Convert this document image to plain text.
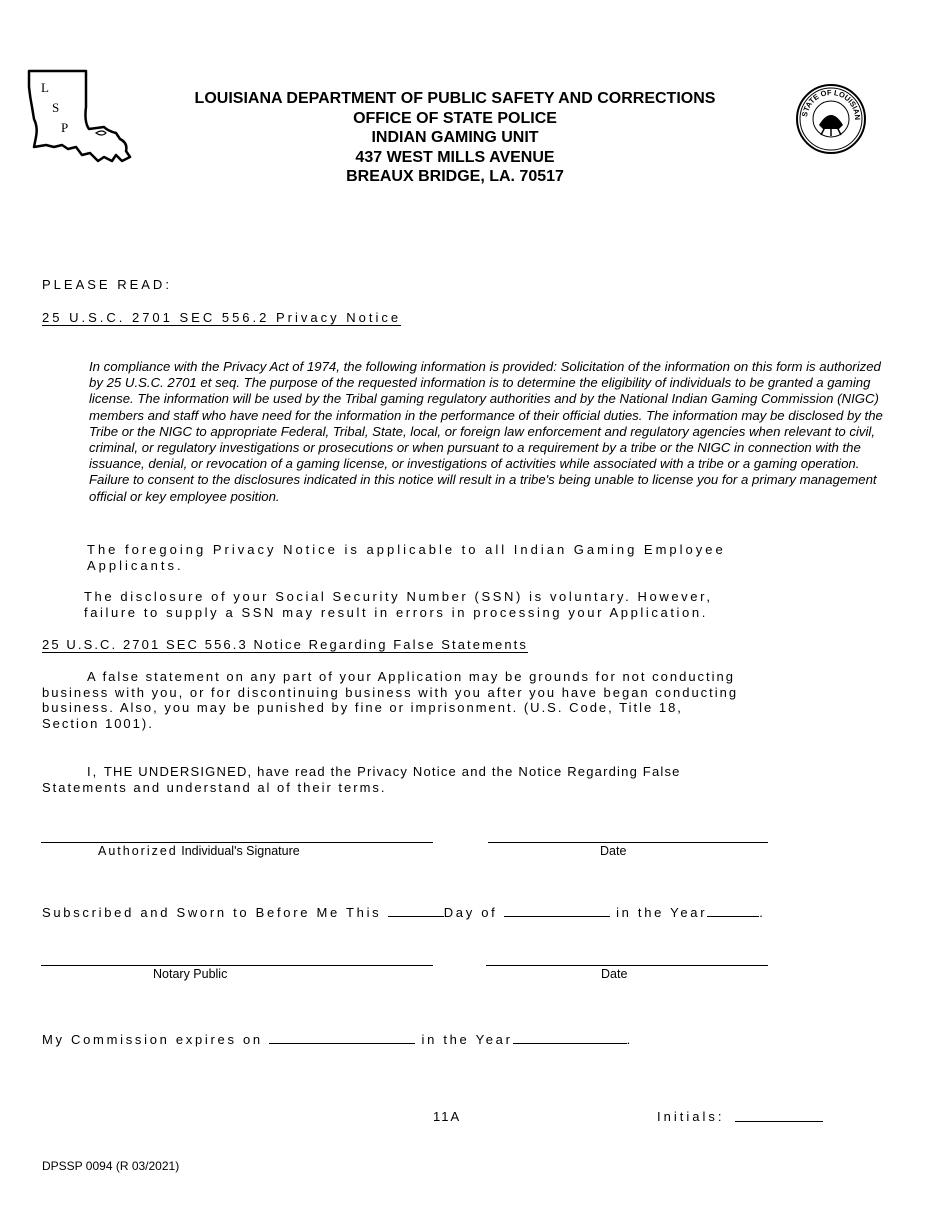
L
S
P
LOUISIANA DEPARTMENT OF PUBLIC SAFETY AND CORRECTIONS
OFFICE OF STATE POLICE
INDIAN GAMING UNIT
437 WEST MILLS AVENUE
BREAUX BRIDGE, LA. 70517
STATE OF LOUISIAN
PLEASE READ:
25 U.S.C. 2701 SEC 556.2 Privacy Notice
In compliance with the Privacy Act of 1974, the following information is provided: Solicitation of the information on this form is authorized by 25 U.S.C. 2701 et seq. The purpose of the requested information is to determine the eligibility of individuals to be granted a gaming license. The information will be used by the Tribal gaming regulatory authorities and by the National Indian Gaming Commission (NIGC) members and staff who have need for the information in the performance of their official duties. The information may be disclosed by the Tribe or the NIGC to appropriate Federal, Tribal, State, local, or foreign law enforcement and regulatory agencies when relevant to civil, criminal, or regulatory investigations or prosecutions or when pursuant to a requirement by a tribe or the NIGC in connection with the issuance, denial, or revocation of a gaming license, or investigations of activities while associated with a tribe or a gaming operation. Failure to consent to the disclosures indicated in this notice will result in a tribe's being unable to license you for a primary management official or key employee position.
The foregoing Privacy Notice is applicable to all Indian Gaming Employee
Applicants.
The disclosure of your Social Security Number (SSN) is voluntary. However,
failure to supply a SSN may result in errors in processing your Application.
25 U.S.C. 2701 SEC 556.3 Notice Regarding False Statements
A false statement on any part of your Application may be grounds for not conducting
business with you, or for discontinuing business with you after you have began conducting
business. Also, you may be punished by fine or imprisonment. (U.S. Code, Title 18,
Section 1001).
I, THE UNDERSIGNED, have read the Privacy Notice and the Notice Regarding False
Statements and understand al of their terms.
Authorized Individual's Signature	Date
Subscribed and Sworn to Before Me This	Day of	in the Year	.
Notary Public	Date
My Commission expires on	in the Year	.
11A	Initials:
DPSSP 0094 (R 03/2021)
